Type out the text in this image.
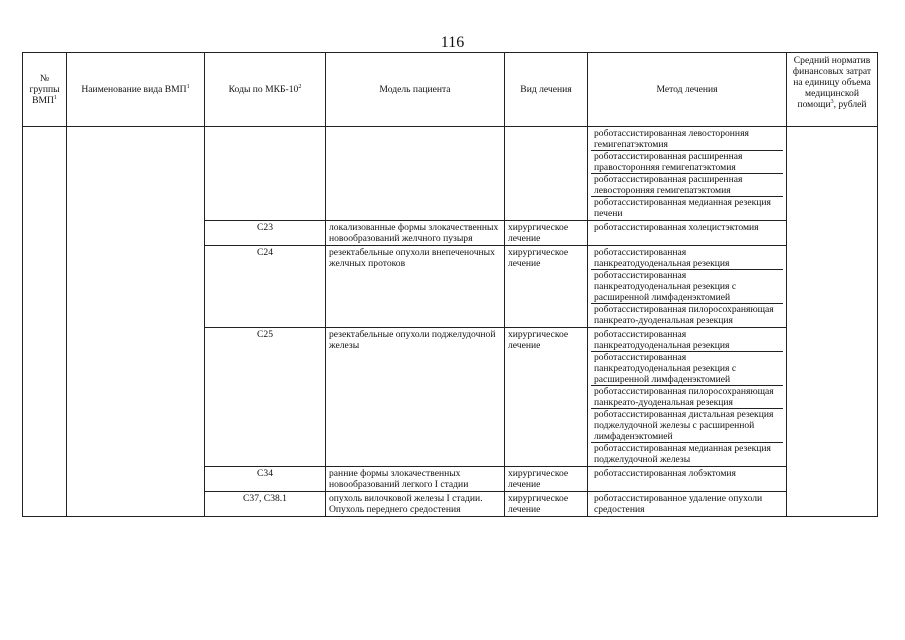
116
№ группы ВМП$^1$	Наименование вида ВМП$^1$	Коды по МКБ-$10^2$	Модель пациента	Вид лечения	Метод лечения	Средний норматив финансовых затрат на единицу объема медицинской помощи$^3$, рублей

					роботассистированная левосторонняя гемигепатэктомия
роботассистированная расширенная правосторонняя гемигепатэктомия
роботассистированная расширенная левосторонняя гемигепатэктомия
роботассистированная медианная резекция печени	

		C23	локализованные формы злокачественных новообразований желчного пузыря	хирургическое лечение	роботассистированная холецистэктомия	

		C24	резектабельные опухоли внепеченочных желчных протоков	хирургическое лечение	роботассистированная панкреатодуоденальная резекция
роботассистированная панкреатодуоденальная резекция с расширенной лимфаденэктомией
роботассистированная пилоросохраняющая панкреато-дуоденальная резекция	

		C25	резектабельные опухоли поджелудочной железы	хирургическое лечение	роботассистированная панкреатодуоденальная резекция
роботассистированная панкреатодуоденальная резекция с расширенной лимфаденэктомией
роботассистированная пилоросохраняющая панкреато-дуоденальная резекция
роботассистированная дистальная резекция поджелудочной железы с расширенной лимфаденэктомией
роботассистированная медианная резекция поджелудочной железы	

		C34	ранние формы злокачественных новообразований легкого I стадии	хирургическое лечение	роботассистированная лобэктомия	

		C37, C38.1	опухоль вилочковой железы I стадии.
Опухоль переднего средостения	хирургическое лечение	роботассистированное удаление опухоли средостения	
